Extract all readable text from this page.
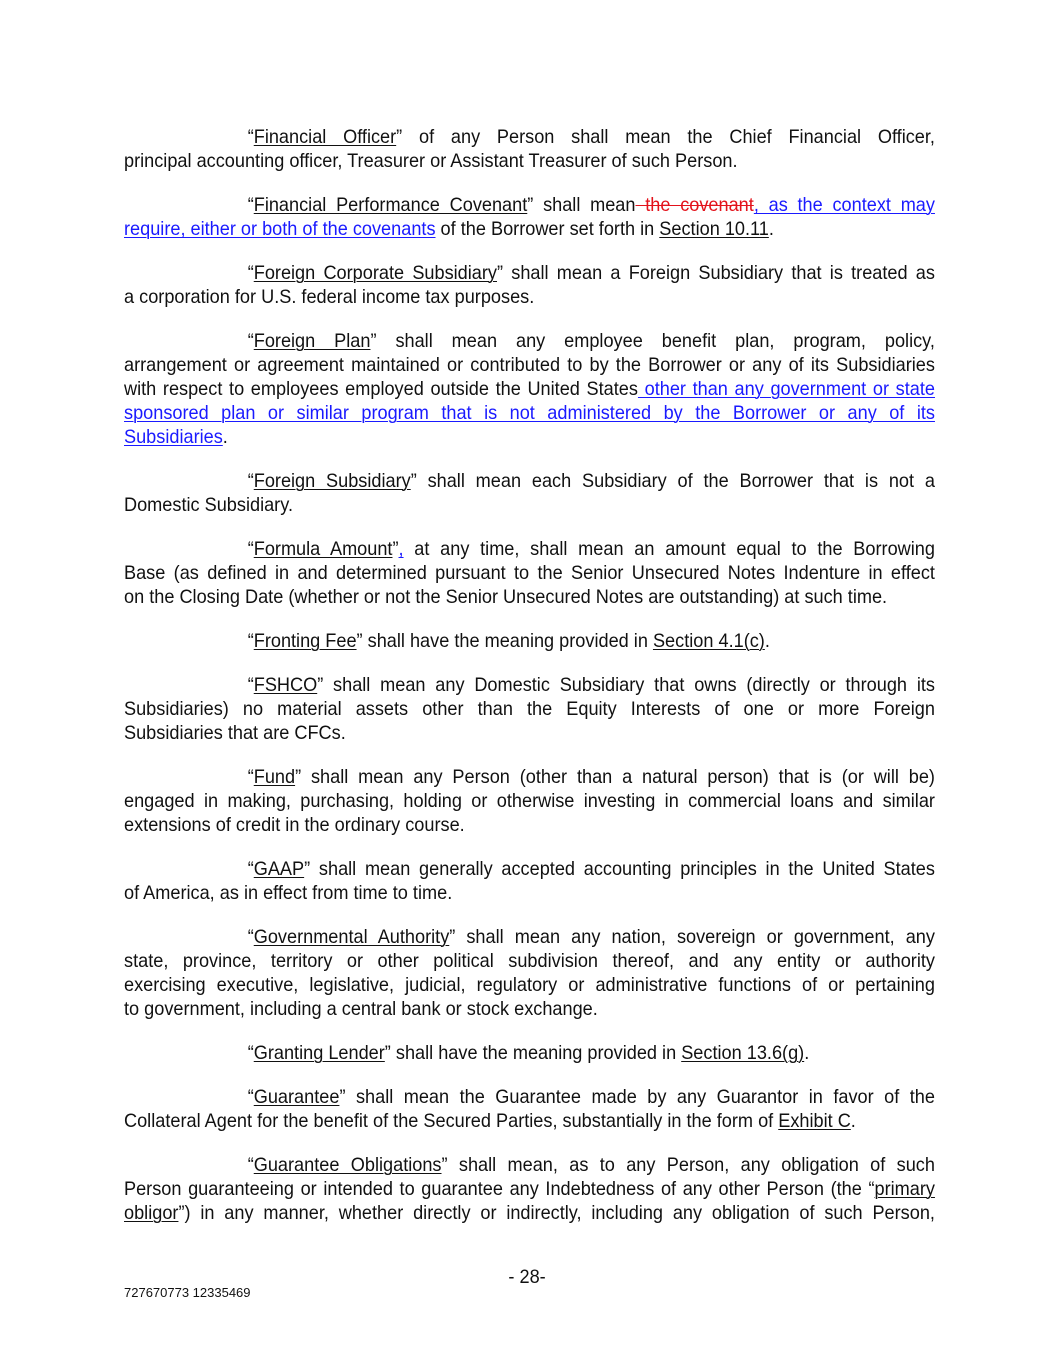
“Financial Officer” of any Person shall mean the Chief Financial Officer,
principal accounting officer, Treasurer or Assistant Treasurer of such Person.
“Financial Performance Covenant” shall mean the covenant, as the context may
require, either or both of the covenants of the Borrower set forth in Section 10.11.
“Foreign Corporate Subsidiary” shall mean a Foreign Subsidiary that is treated as
a corporation for U.S. federal income tax purposes.
“Foreign Plan” shall mean any employee benefit plan, program, policy,
arrangement or agreement maintained or contributed to by the Borrower or any of its Subsidiaries
with respect to employees employed outside the United States other than any government or state
sponsored plan or similar program that is not administered by the Borrower or any of its
Subsidiaries.
“Foreign Subsidiary” shall mean each Subsidiary of the Borrower that is not a
Domestic Subsidiary.
“Formula Amount”, at any time, shall mean an amount equal to the Borrowing
Base (as defined in and determined pursuant to the Senior Unsecured Notes Indenture in effect
on the Closing Date (whether or not the Senior Unsecured Notes are outstanding) at such time.
“Fronting Fee” shall have the meaning provided in Section 4.1(c).
“FSHCO” shall mean any Domestic Subsidiary that owns (directly or through its
Subsidiaries) no material assets other than the Equity Interests of one or more Foreign
Subsidiaries that are CFCs.
“Fund” shall mean any Person (other than a natural person) that is (or will be)
engaged in making, purchasing, holding or otherwise investing in commercial loans and similar
extensions of credit in the ordinary course.
“GAAP” shall mean generally accepted accounting principles in the United States
of America, as in effect from time to time.
“Governmental Authority” shall mean any nation, sovereign or government, any
state, province, territory or other political subdivision thereof, and any entity or authority
exercising executive, legislative, judicial, regulatory or administrative functions of or pertaining
to government, including a central bank or stock exchange.
“Granting Lender” shall have the meaning provided in Section 13.6(g).
“Guarantee” shall mean the Guarantee made by any Guarantor in favor of the
Collateral Agent for the benefit of the Secured Parties, substantially in the form of Exhibit C.
“Guarantee Obligations” shall mean, as to any Person, any obligation of such
Person guaranteeing or intended to guarantee any Indebtedness of any other Person (the “primary
obligor”) in any manner, whether directly or indirectly, including any obligation of such Person,
- 28-
727670773 12335469
